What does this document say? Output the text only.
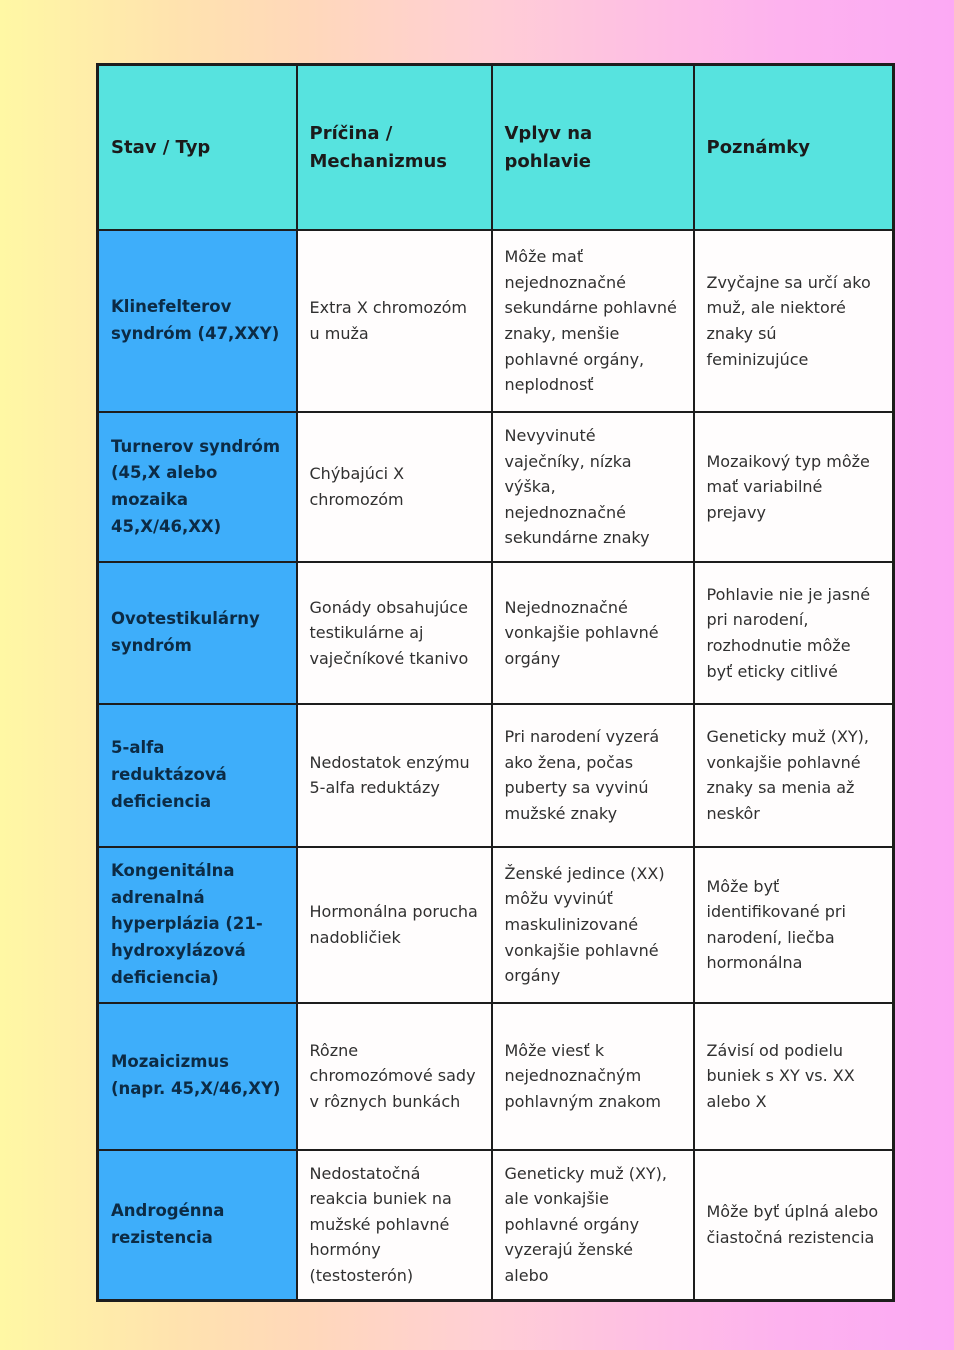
Stav / Typ	Príčina / Mechanizmus	Vplyv na pohlavie	Poznámky
Klinefelterov syndróm (47,XXY)	Extra X chromozóm u muža	Môže mať nejednoznačné sekundárne pohlavné znaky, menšie pohlavné orgány, neplodnosť	Zvyčajne sa určí ako muž, ale niektoré znaky sú feminizujúce
Turnerov syndróm (45,X alebo mozaika 45,X/46,XX)	Chýbajúci X chromozóm	Nevyvinuté vaječníky, nízka výška, nejednoznačné sekundárne znaky	Mozaikový typ môže mať variabilné prejavy
Ovotestikulárny syndróm	Gonády obsahujúce testikulárne aj vaječníkové tkanivo	Nejednoznačné vonkajšie pohlavné orgány	Pohlavie nie je jasné pri narodení, rozhodnutie môže byť eticky citlivé
5-alfa reduktázová deficiencia	Nedostatok enzýmu 5-alfa reduktázy	Pri narodení vyzerá ako žena, počas puberty sa vyvinú mužské znaky	Geneticky muž (XY), vonkajšie pohlavné znaky sa menia až neskôr
Kongenitálna adrenalná hyperplázia (21-hydroxylázová deficiencia)	Hormonálna porucha nadobličiek	Ženské jedince (XX) môžu vyvinúť maskulinizované vonkajšie pohlavné orgány	Môže byť identifikované pri narodení, liečba hormonálna
Mozaicizmus (napr. 45,X/46,XY)	Rôzne chromozómové sady v rôznych bunkách	Môže viesť k nejednoznačným pohlavným znakom	Závisí od podielu buniek s XY vs. XX alebo X
Androgénna rezistencia	Nedostatočná reakcia buniek na mužské pohlavné hormóny (testosterón)	Geneticky muž (XY), ale vonkajšie pohlavné orgány vyzerajú ženské alebo	Môže byť úplná alebo čiastočná rezistencia
